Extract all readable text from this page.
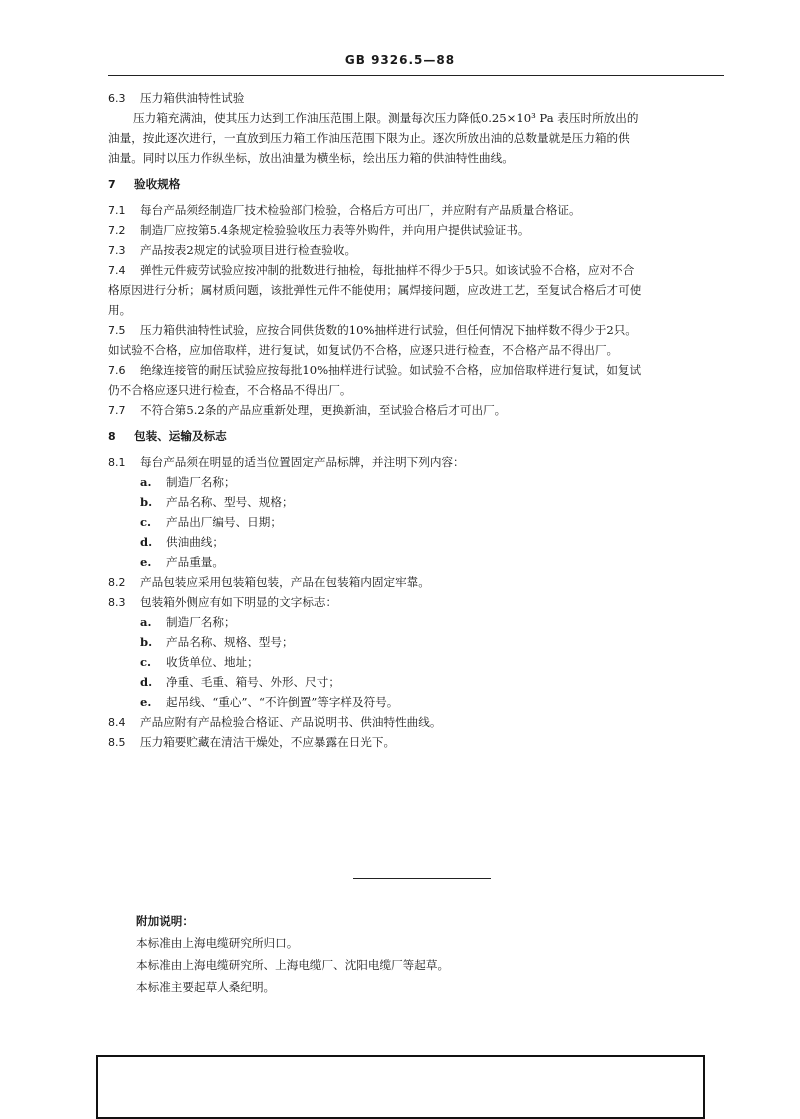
GB 9326.5—88
6.3 压力箱供油特性试验
压力箱充满油，使其压力达到工作油压范围上限。测量每次压力降低0.25×10³ Pa 表压时所放出的
油量，按此逐次进行，一直放到压力箱工作油压范围下限为止。逐次所放出油的总数量就是压力箱的供
油量。同时以压力作纵坐标，放出油量为横坐标，绘出压力箱的供油特性曲线。
7 验收规格
7.1 每台产品须经制造厂技术检验部门检验，合格后方可出厂，并应附有产品质量合格证。
7.2 制造厂应按第5.4条规定检验验收压力表等外购件，并向用户提供试验证书。
7.3 产品按表2规定的试验项目进行检查验收。
7.4 弹性元件疲劳试验应按冲制的批数进行抽检，每批抽样不得少于5只。如该试验不合格，应对不合
格原因进行分析；属材质问题，该批弹性元件不能使用；属焊接问题，应改进工艺，至复试合格后才可使
用。
7.5 压力箱供油特性试验，应按合同供货数的10%抽样进行试验，但任何情况下抽样数不得少于2只。
如试验不合格，应加倍取样，进行复试，如复试仍不合格，应逐只进行检查，不合格产品不得出厂。
7.6 绝缘连接管的耐压试验应按每批10%抽样进行试验。如试验不合格，应加倍取样进行复试，如复试
仍不合格应逐只进行检查，不合格品不得出厂。
7.7 不符合第5.2条的产品应重新处理，更换新油，至试验合格后才可出厂。
8 包装、运输及标志
8.1 每台产品须在明显的适当位置固定产品标牌，并注明下列内容：
a. 制造厂名称；
b. 产品名称、型号、规格；
c. 产品出厂编号、日期；
d. 供油曲线；
e. 产品重量。
8.2 产品包装应采用包装箱包装，产品在包装箱内固定牢靠。
8.3 包装箱外侧应有如下明显的文字标志：
a. 制造厂名称；
b. 产品名称、规格、型号；
c. 收货单位、地址；
d. 净重、毛重、箱号、外形、尺寸；
e. 起吊线、“重心”、“不许倒置”等字样及符号。
8.4 产品应附有产品检验合格证、产品说明书、供油特性曲线。
8.5 压力箱要贮藏在清洁干燥处，不应暴露在日光下。
附加说明：
本标准由上海电缆研究所归口。
本标准由上海电缆研究所、上海电缆厂、沈阳电缆厂等起草。
本标准主要起草人桑纪明。
